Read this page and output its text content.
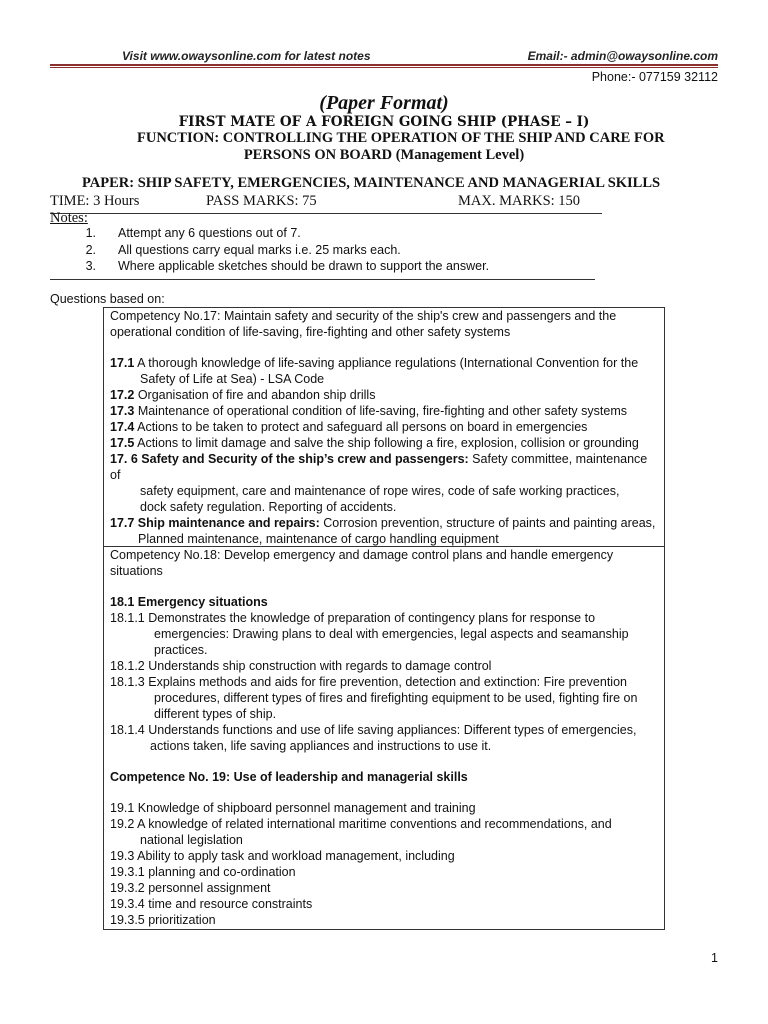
Visit www.owaysonline.com for latest notes	Email:- admin@owaysonline.com
Phone:- 077159 32112
(Paper Format)
FIRST MATE OF A FOREIGN GOING SHIP (PHASE – I)
FUNCTION: CONTROLLING THE OPERATION OF THE SHIP AND CARE FOR
PERSONS ON BOARD (Management Level)
PAPER: SHIP SAFETY, EMERGENCIES, MAINTENANCE AND MANAGERIAL SKILLS
TIME: 3 Hours	PASS MARKS: 75	MAX. MARKS: 150
Notes:
1.	Attempt any 6 questions out of 7.
2.	All questions carry equal marks i.e. 25 marks each.
3.	Where applicable sketches should be drawn to support the answer.
Questions based on:

Competency No.17: Maintain safety and security of the ship's crew and passengers and the

operational condition of life-saving, fire-fighting and other safety systems

17.1 A thorough knowledge of life-saving appliance regulations (International Convention for the

Safety of Life at Sea) - LSA Code

17.2 Organisation of fire and abandon ship drills

17.3 Maintenance of operational condition of life-saving, fire-fighting and other safety systems

17.4 Actions to be taken to protect and safeguard all persons on board in emergencies

17.5 Actions to limit damage and salve the ship following a fire, explosion, collision or grounding

17. 6 Safety and Security of the ship’s crew and passengers: Safety committee, maintenance of

safety equipment, care and maintenance of rope wires, code of safe working practices,

dock safety regulation. Reporting of accidents.

17.7 Ship maintenance and repairs: Corrosion prevention, structure of paints and painting areas,

Planned maintenance, maintenance of cargo handling equipment

Competency No.18: Develop emergency and damage control plans and handle emergency

situations

18.1 Emergency situations

18.1.1 Demonstrates the knowledge of preparation of contingency plans for response to

emergencies: Drawing plans to deal with emergencies, legal aspects and seamanship

practices.

18.1.2 Understands ship construction with regards to damage control

18.1.3 Explains methods and aids for fire prevention, detection and extinction: Fire prevention

procedures, different types of fires and firefighting equipment to be used, fighting fire on

different types of ship.

18.1.4 Understands functions and use of life saving appliances: Different types of emergencies,

actions taken, life saving appliances and instructions to use it.

Competence No. 19: Use of leadership and managerial skills

19.1 Knowledge of shipboard personnel management and training

19.2 A knowledge of related international maritime conventions and recommendations, and

national legislation

19.3 Ability to apply task and workload management, including

19.3.1 planning and co-ordination

19.3.2 personnel assignment

19.3.4 time and resource constraints

19.3.5 prioritization

1
